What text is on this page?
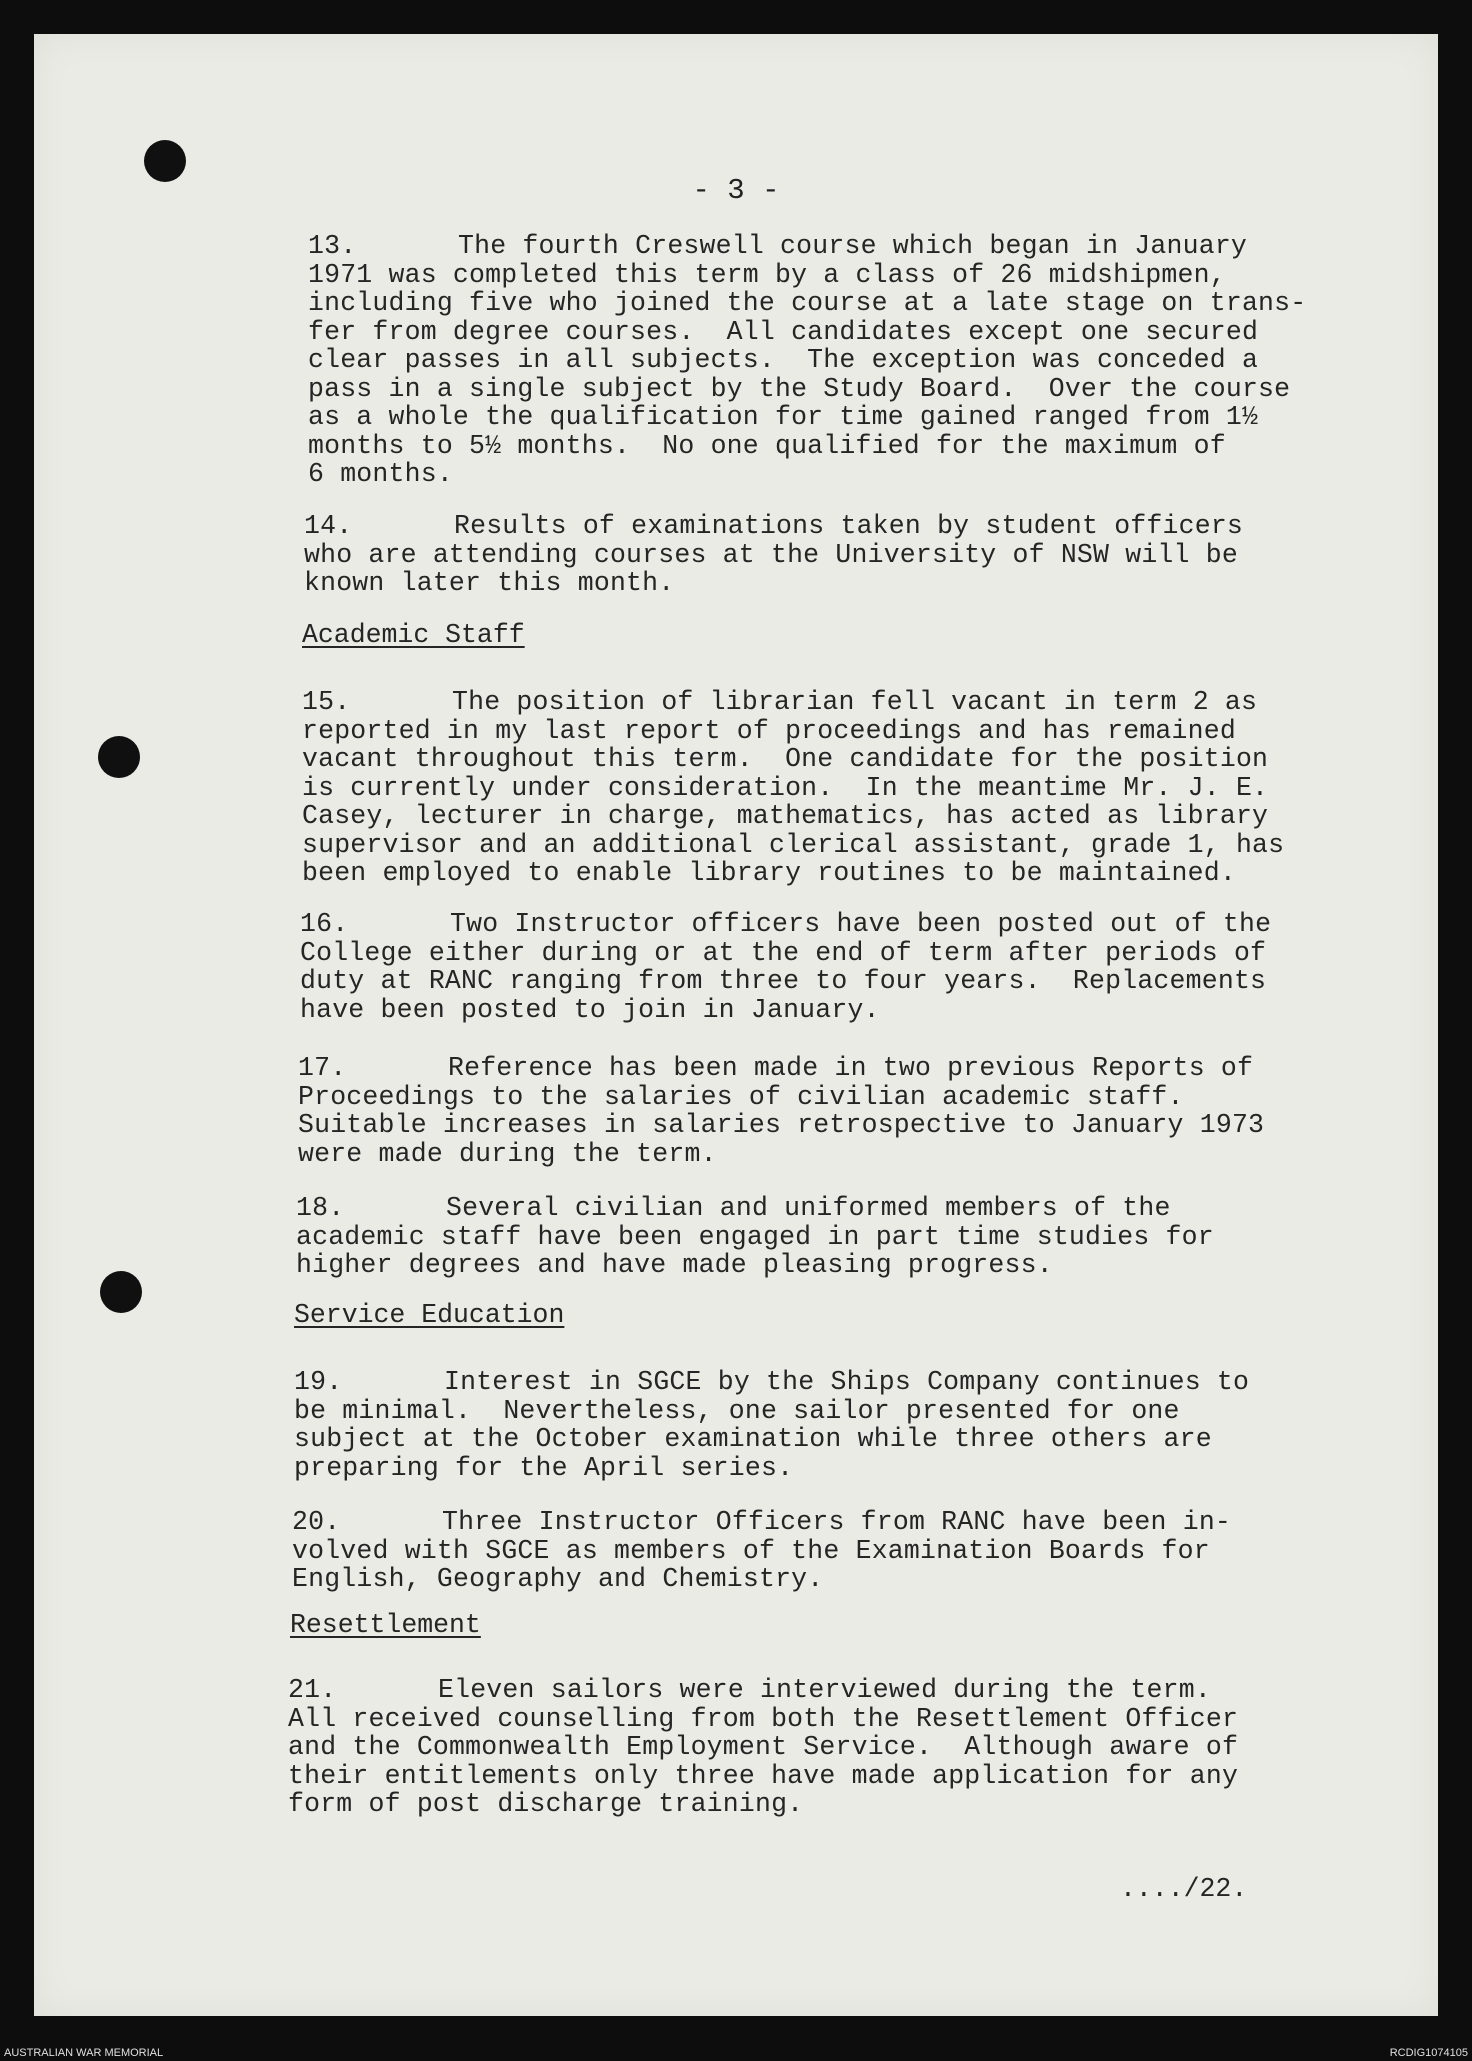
- 3 -
13.	The fourth Creswell course which began in January
1971 was completed this term by a class of 26 midshipmen,
including five who joined the course at a late stage on trans-
fer from degree courses.  All candidates except one secured
clear passes in all subjects.  The exception was conceded a
pass in a single subject by the Study Board.  Over the course
as a whole the qualification for time gained ranged from 1½
months to 5½ months.  No one qualified for the maximum of
6 months.
14.	Results of examinations taken by student officers
who are attending courses at the University of NSW will be
known later this month.
Academic Staff
15.	The position of librarian fell vacant in term 2 as
reported in my last report of proceedings and has remained
vacant throughout this term.  One candidate for the position
is currently under consideration.  In the meantime Mr. J. E.
Casey, lecturer in charge, mathematics, has acted as library
supervisor and an additional clerical assistant, grade 1, has
been employed to enable library routines to be maintained.
16.	Two Instructor officers have been posted out of the
College either during or at the end of term after periods of
duty at RANC ranging from three to four years.  Replacements
have been posted to join in January.
17.	Reference has been made in two previous Reports of
Proceedings to the salaries of civilian academic staff.
Suitable increases in salaries retrospective to January 1973
were made during the term.
18.	Several civilian and uniformed members of the
academic staff have been engaged in part time studies for
higher degrees and have made pleasing progress.
Service Education
19.	Interest in SGCE by the Ships Company continues to
be minimal.  Nevertheless, one sailor presented for one
subject at the October examination while three others are
preparing for the April series.
20.	Three Instructor Officers from RANC have been in-
volved with SGCE as members of the Examination Boards for
English, Geography and Chemistry.
Resettlement
21.	Eleven sailors were interviewed during the term.
All received counselling from both the Resettlement Officer
and the Commonwealth Employment Service.  Although aware of
their entitlements only three have made application for any
form of post discharge training.
..../22.
AUSTRALIAN WAR MEMORIAL	RCDIG1074105
